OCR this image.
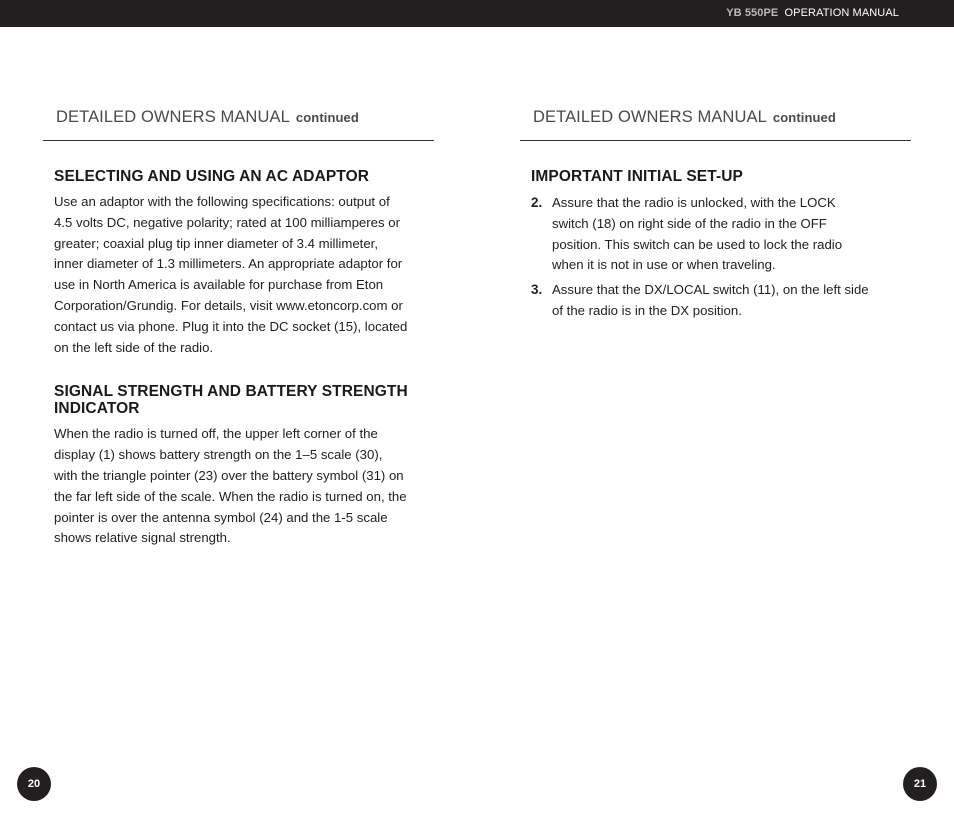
YB 550PE OPERATION MANUAL
DETAILED OWNERS MANUAL continued
SELECTING AND USING AN AC ADAPTOR

Use an adaptor with the following specifications: output of 4.5 volts DC, negative polarity; rated at 100 milliamperes or greater; coaxial plug tip inner diameter of 3.4 millimeter, inner diameter of 1.3 millimeters. An appropriate adaptor for use in North America is available for purchase from Eton Corporation/Grundig. For details, visit www.etoncorp.com or contact us via phone. Plug it into the DC socket (15), located on the left side of the radio.

SIGNAL STRENGTH AND BATTERY STRENGTH INDICATOR

When the radio is turned off, the upper left corner of the display (1) shows battery strength on the 1–5 scale (30), with the triangle pointer (23) over the battery symbol (31) on the far left side of the scale. When the radio is turned on, the pointer is over the antenna symbol (24) and the 1-5 scale shows relative signal strength.

20
DETAILED OWNERS MANUAL continued
IMPORTANT INITIAL SET-UP
2. Assure that the radio is unlocked, with the LOCK switch (18) on right side of the radio in the OFF position. This switch can be used to lock the radio when it is not in use or when traveling.
3. Assure that the DX/LOCAL switch (11), on the left side of the radio is in the DX position.
21
